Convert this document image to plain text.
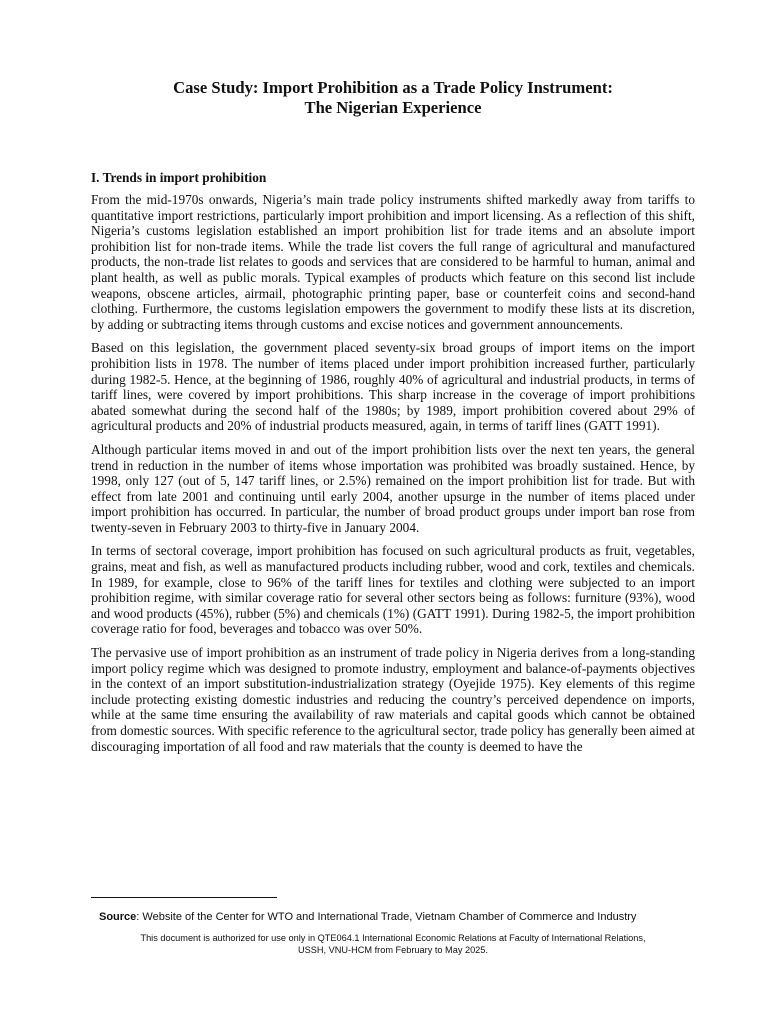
Case Study: Import Prohibition as a Trade Policy Instrument:
The Nigerian Experience

I. Trends in import prohibition

From the mid-1970s onwards, Nigeria’s main trade policy instruments shifted markedly away from tariffs to quantitative import restrictions, particularly import prohibition and import licensing. As a reflection of this shift, Nigeria’s customs legislation established an import prohibition list for trade items and an absolute import prohibition list for non-trade items. While the trade list covers the full range of agricultural and manufactured products, the non-trade list relates to goods and services that are considered to be harmful to human, animal and plant health, as well as public morals. Typical examples of products which feature on this second list include weapons, obscene articles, airmail, photographic printing paper, base or counterfeit coins and second-hand clothing. Furthermore, the customs legislation empowers the government to modify these lists at its discretion, by adding or subtracting items through customs and excise notices and government announcements.

Based on this legislation, the government placed seventy-six broad groups of import items on the import prohibition lists in 1978. The number of items placed under import prohibition increased further, particularly during 1982-5. Hence, at the beginning of 1986, roughly 40% of agricultural and industrial products, in terms of tariff lines, were covered by import prohibitions. This sharp increase in the coverage of import prohibitions abated somewhat during the second half of the 1980s; by 1989, import prohibition covered about 29% of agricultural products and 20% of industrial products measured, again, in terms of tariff lines (GATT 1991).

Although particular items moved in and out of the import prohibition lists over the next ten years, the general trend in reduction in the number of items whose importation was prohibited was broadly sustained. Hence, by 1998, only 127 (out of 5, 147 tariff lines, or 2.5%) remained on the import prohibition list for trade. But with effect from late 2001 and continuing until early 2004, another upsurge in the number of items placed under import prohibition has occurred. In particular, the number of broad product groups under import ban rose from twenty-seven in February 2003 to thirty-five in January 2004.

In terms of sectoral coverage, import prohibition has focused on such agricultural products as fruit, vegetables, grains, meat and fish, as well as manufactured products including rubber, wood and cork, textiles and chemicals. In 1989, for example, close to 96% of the tariff lines for textiles and clothing were subjected to an import prohibition regime, with similar coverage ratio for several other sectors being as follows: furniture (93%), wood and wood products (45%), rubber (5%) and chemicals (1%) (GATT 1991). During 1982-5, the import prohibition coverage ratio for food, beverages and tobacco was over 50%.

The pervasive use of import prohibition as an instrument of trade policy in Nigeria derives from a long-standing import policy regime which was designed to promote industry, employment and balance-of-payments objectives in the context of an import substitution-industrialization strategy (Oyejide 1975). Key elements of this regime include protecting existing domestic industries and reducing the country’s perceived dependence on imports, while at the same time ensuring the availability of raw materials and capital goods which cannot be obtained from domestic sources. With specific reference to the agricultural sector, trade policy has generally been aimed at discouraging importation of all food and raw materials that the county is deemed to have the

Source: Website of the Center for WTO and International Trade, Vietnam Chamber of Commerce and Industry
This document is authorized for use only in QTE064.1 International Economic Relations at Faculty of International Relations,
USSH, VNU-HCM from February to May 2025.
